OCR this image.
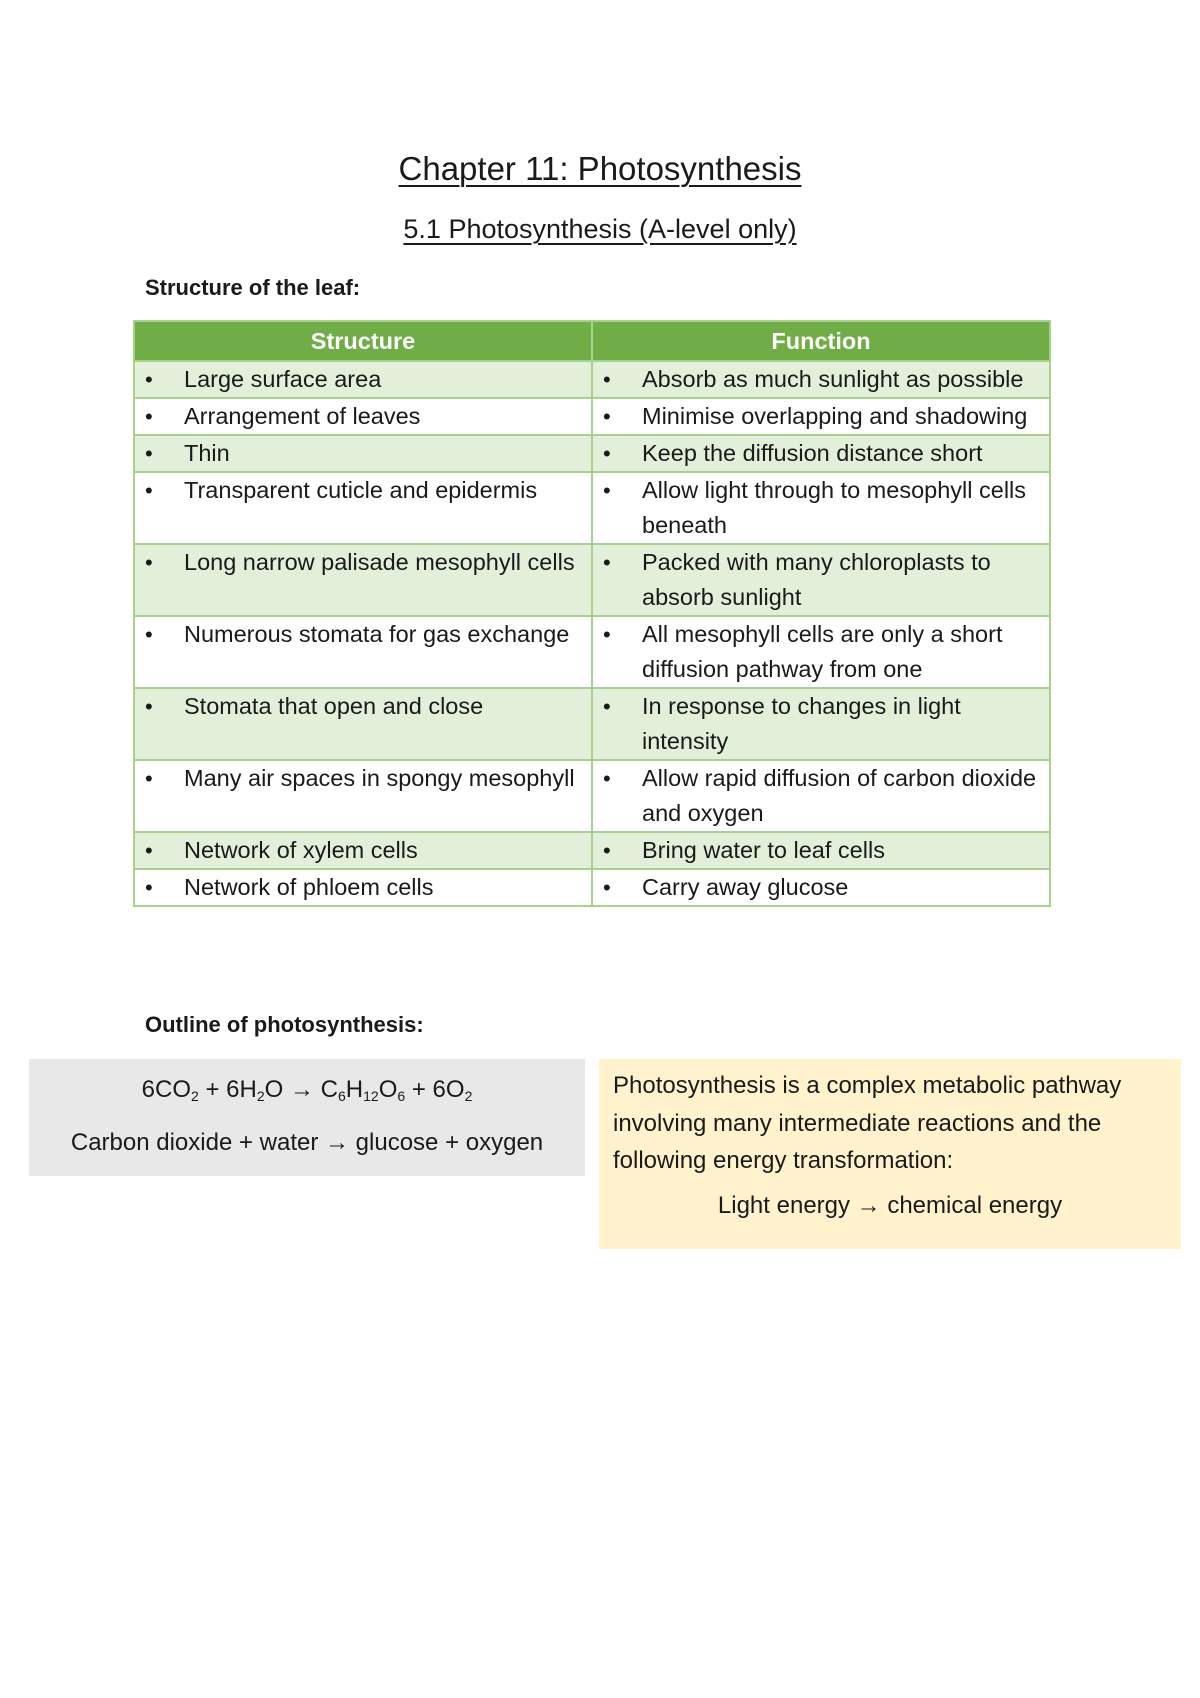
Chapter 11: Photosynthesis
5.1 Photosynthesis (A-level only)
Structure of the leaf:
Structure	Function

• Large surface area	• Absorb as much sunlight as possible

• Arrangement of leaves	• Minimise overlapping and shadowing

• Thin	• Keep the diffusion distance short

• Transparent cuticle and epidermis	• Allow light through to mesophyll cells beneath

• Long narrow palisade mesophyll cells	• Packed with many chloroplasts to absorb sunlight

• Numerous stomata for gas exchange	• All mesophyll cells are only a short diffusion pathway from one

• Stomata that open and close	• In response to changes in light intensity

• Many air spaces in spongy mesophyll	• Allow rapid diffusion of carbon dioxide and oxygen

• Network of xylem cells	• Bring water to leaf cells

• Network of phloem cells	• Carry away glucose
Outline of photosynthesis:
$6CO_2 + 6H_2O \to C_6H_{12}O_6 + 6O_2$
Carbon dioxide + water → glucose + oxygen
Photosynthesis is a complex metabolic pathway involving many intermediate reactions and the following energy transformation:
Light energy → chemical energy
